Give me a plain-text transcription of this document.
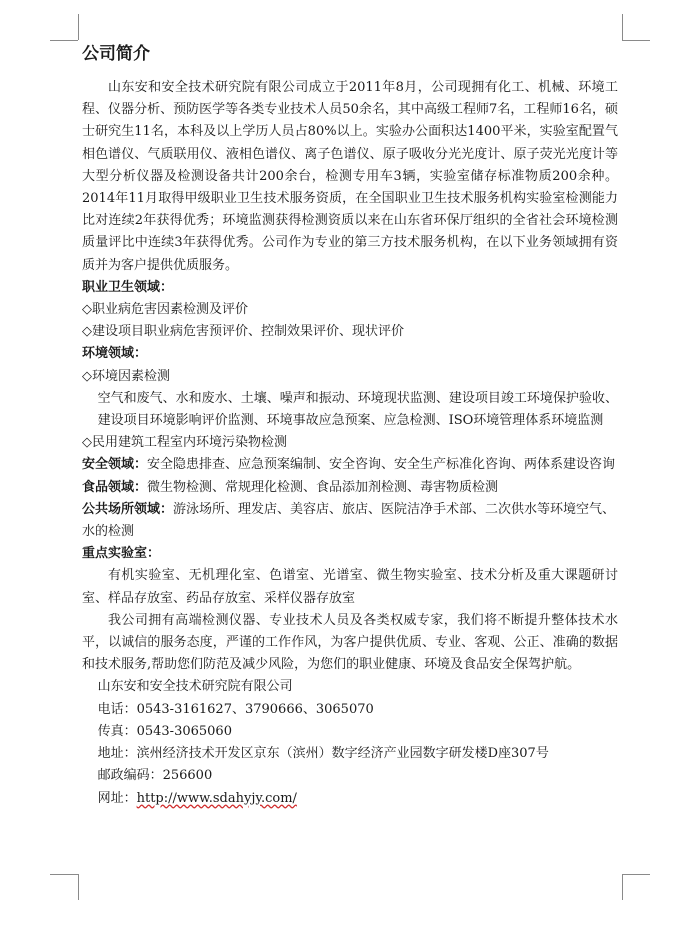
公司简介

山东安和安全技术研究院有限公司成立于2011年8月，公司现拥有化工、机械、环境工程、仪器分析、预防医学等各类专业技术人员50余名，其中高级工程师7名，工程师16名，硕士研究生11名，本科及以上学历人员占80%以上。实验办公面积达1400平米，实验室配置气相色谱仪、气质联用仪、液相色谱仪、离子色谱仪、原子吸收分光光度计、原子荧光光度计等大型分析仪器及检测设备共计200余台，检测专用车3辆，实验室储存标准物质200余种。2014年11月取得甲级职业卫生技术服务资质，在全国职业卫生技术服务机构实验室检测能力比对连续2年获得优秀；环境监测获得检测资质以来在山东省环保厅组织的全省社会环境检测质量评比中连续3年获得优秀。公司作为专业的第三方技术服务机构，在以下业务领域拥有资质并为客户提供优质服务。

职业卫生领域：

◇职业病危害因素检测及评价

◇建设项目职业病危害预评价、控制效果评价、现状评价

环境领域：

◇环境因素检测

空气和废气、水和废水、土壤、噪声和振动、环境现状监测、建设项目竣工环境保护验收、建设项目环境影响评价监测、环境事故应急预案、应急检测、ISO环境管理体系环境监测

◇民用建筑工程室内环境污染物检测

安全领域：安全隐患排查、应急预案编制、安全咨询、安全生产标准化咨询、两体系建设咨询

食品领域：微生物检测、常规理化检测、食品添加剂检测、毒害物质检测

公共场所领域：游泳场所、理发店、美容店、旅店、医院洁净手术部、二次供水等环境空气、水的检测

重点实验室：

有机实验室、无机理化室、色谱室、光谱室、微生物实验室、技术分析及重大课题研讨室、样品存放室、药品存放室、采样仪器存放室

我公司拥有高端检测仪器、专业技术人员及各类权威专家，我们将不断提升整体技术水平，以诚信的服务态度，严谨的工作作风，为客户提供优质、专业、客观、公正、准确的数据和技术服务,帮助您们防范及减少风险，为您们的职业健康、环境及食品安全保驾护航。

山东安和安全技术研究院有限公司

电话：0543-3161627、3790666、3065070

传真：0543-3065060

地址：滨州经济技术开发区京东（滨州）数字经济产业园数字研发楼D座307号

邮政编码：256600

网址：http://www.sdahyjy.com/
